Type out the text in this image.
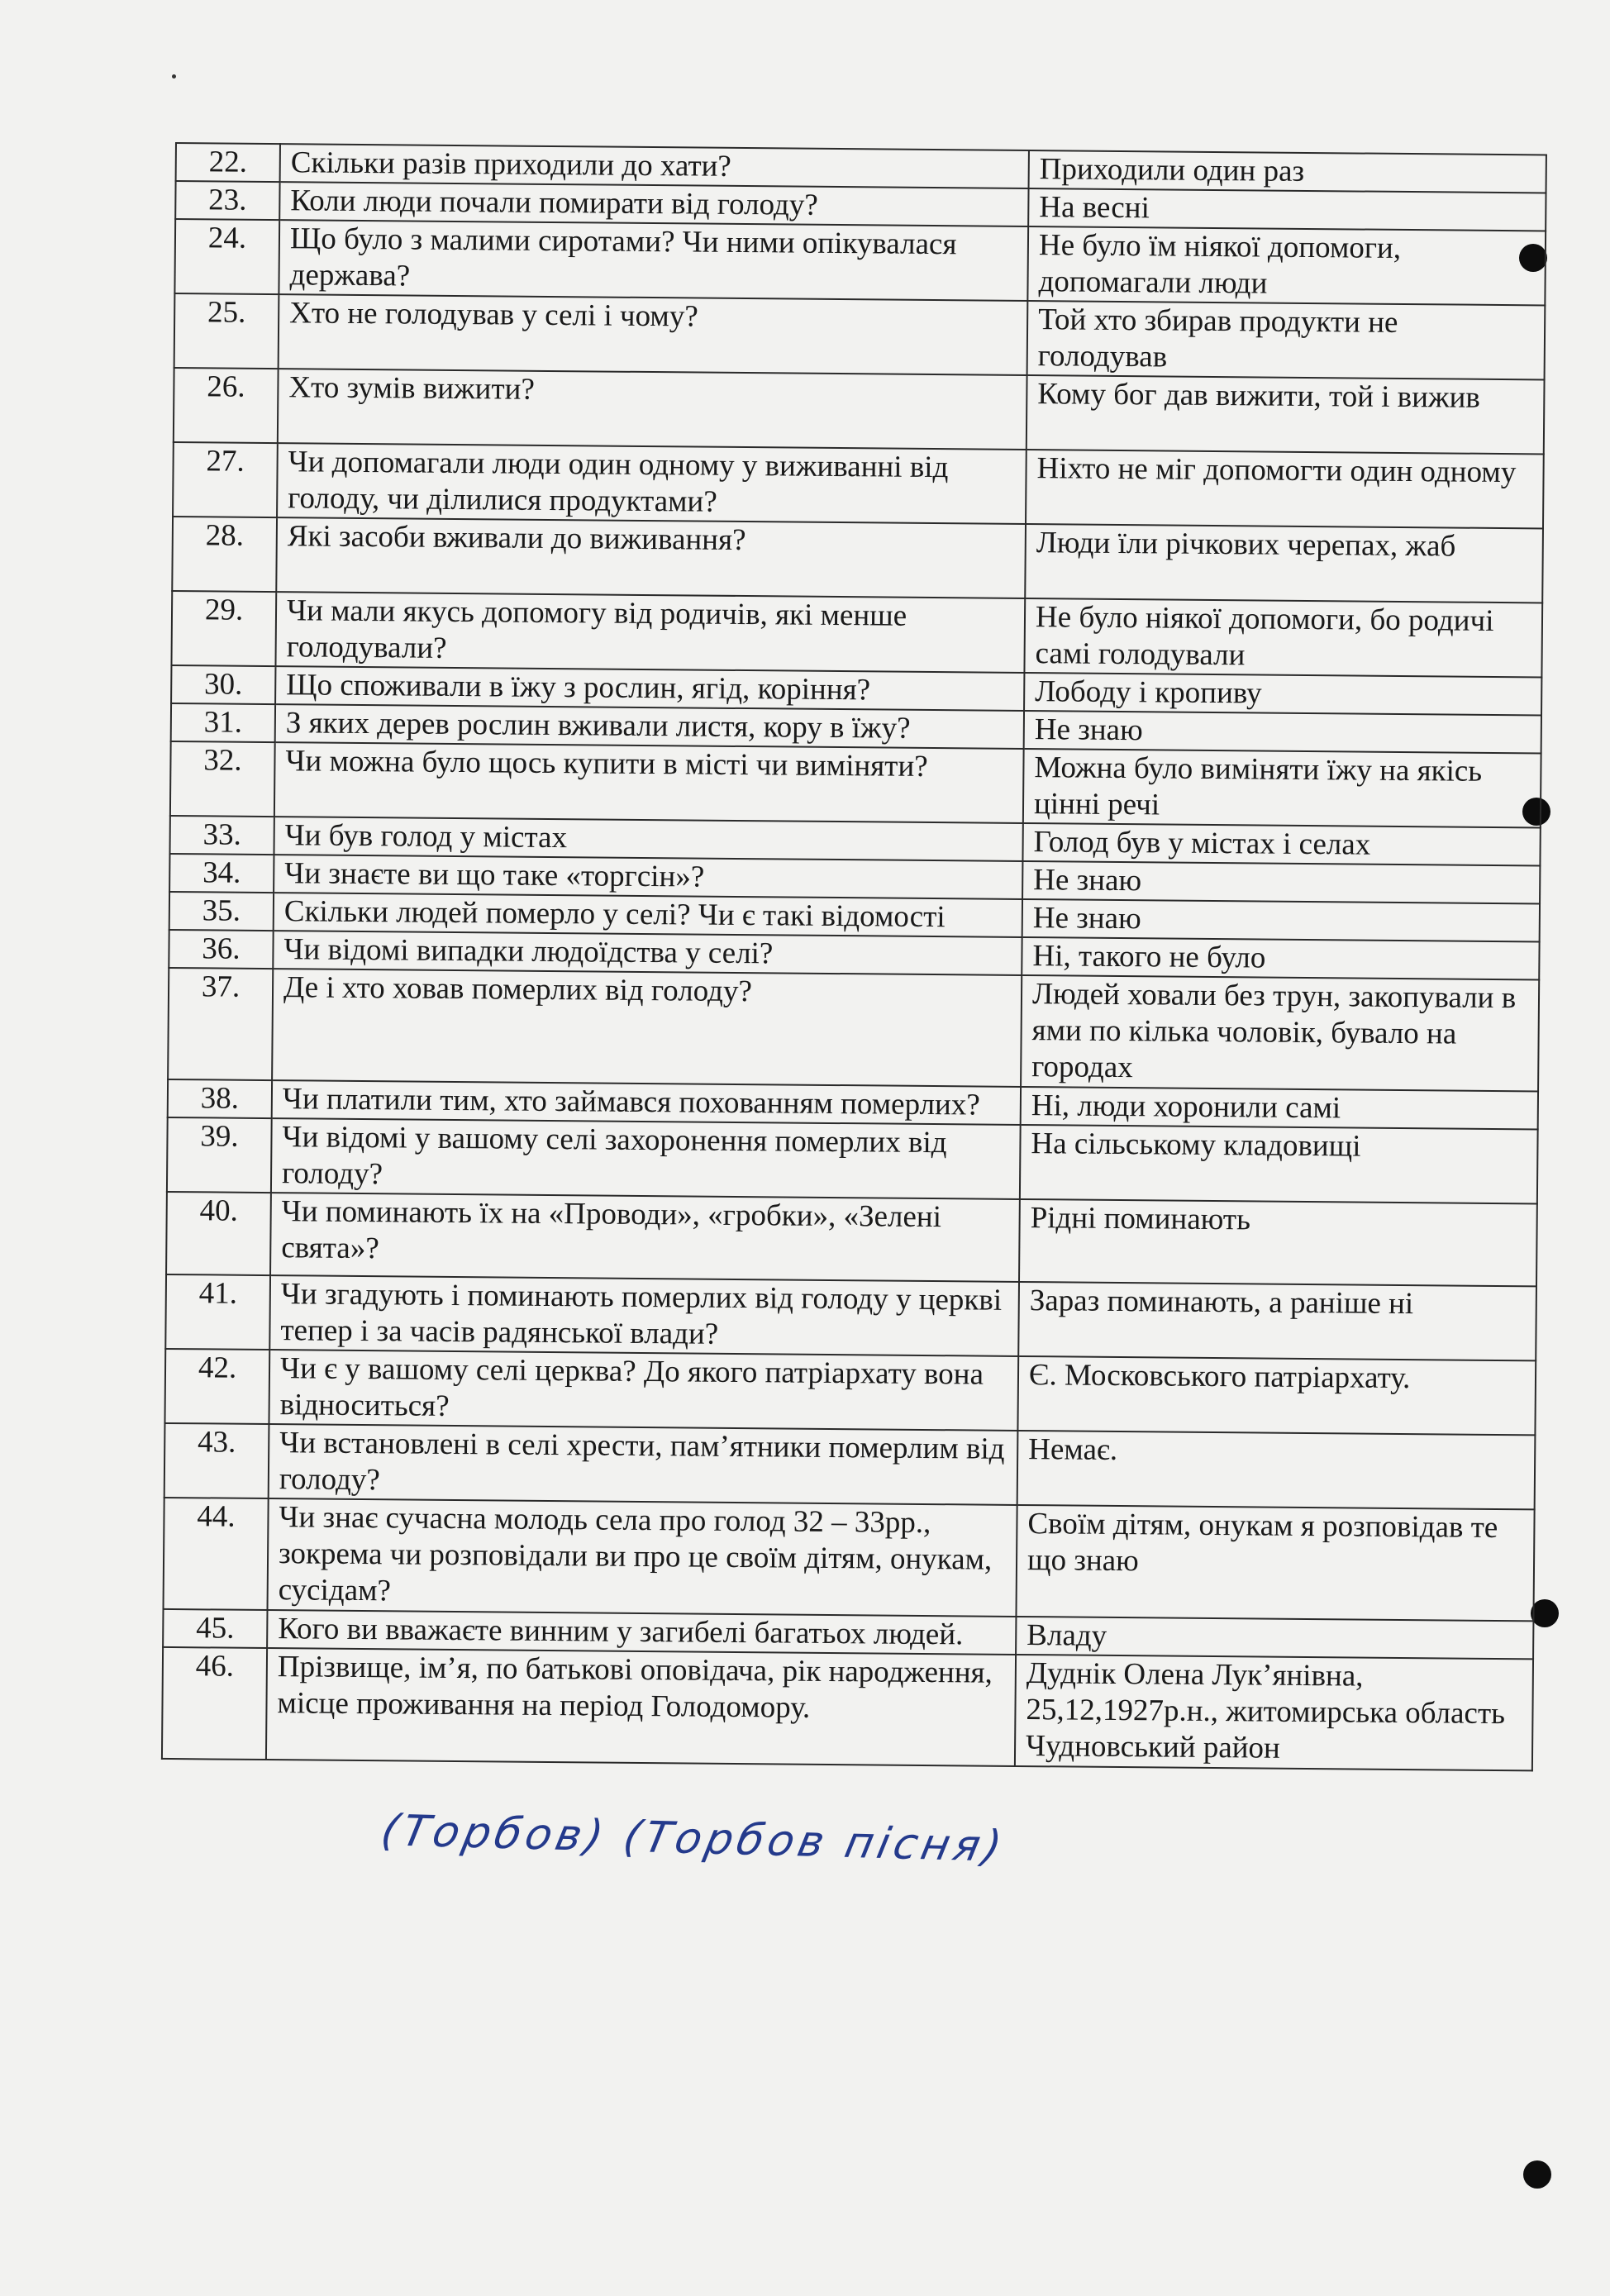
22.	Скільки разів приходили до хати?	Приходили один раз
23.	Коли люди почали помирати від голоду?	На весні
24.	Що було з малими сиротами? Чи ними опікувалася держава?	Не було їм ніякої допомоги, допомагали люди
25.	Хто не голодував у селі і чому?	Той хто збирав продукти не голодував
26.	Хто зумів вижити?	Кому бог дав вижити, той і вижив
27.	Чи допомагали люди один одному у виживанні від голоду, чи ділилися продуктами?	Ніхто не міг допомогти один одному
28.	Які засоби вживали до виживання?	Люди їли річкових черепах, жаб
29.	Чи мали якусь допомогу від родичів, які менше голодували?	Не було ніякої допомоги, бо родичі самі голодували
30.	Що споживали в їжу з рослин, ягід, коріння?	Лободу і кропиву
31.	З яких дерев рослин вживали листя, кору в їжу?	Не знаю
32.	Чи можна було щось купити в місті чи виміняти?	Можна було виміняти їжу на якісь цінні речі
33.	Чи був голод у містах	Голод був у містах і селах
34.	Чи знаєте ви що таке «торгсін»?	Не знаю
35.	Скільки людей померло у селі? Чи є такі відомості	Не знаю
36.	Чи відомі випадки людоїдства у селі?	Ні, такого не було
37.	Де і хто ховав померлих від голоду?	Людей ховали без трун, закопували в ями по кілька чоловік, бувало на городах
38.	Чи платили тим, хто займався похованням померлих?	Ні, люди хоронили самі
39.	Чи відомі у вашому селі захоронення померлих від голоду?	На сільському кладовищі
40.	Чи поминають їх на «Проводи», «гробки», «Зелені свята»?	Рідні поминають
41.	Чи згадують і поминають померлих від голоду у церкві тепер і за часів радянської влади?	Зараз поминають, а раніше ні
42.	Чи є у вашому селі церква? До якого патріархату вона відноситься?	Є. Московського патріархату.
43.	Чи встановлені в селі хрести, пам’ятники померлим від голоду?	Немає.
44.	Чи знає сучасна молодь села про голод 32 – 33рр., зокрема чи розповідали ви про це своїм дітям, онукам, сусідам?	Своїм дітям, онукам я розповідав те що знаю
45.	Кого ви вважаєте винним у загибелі багатьох людей.	Владу
46.	Прізвище, ім’я, по батькові оповідача, рік народження, місце проживання на період Голодомору.	Дуднік Олена Лук’янівна, 25,12,1927р.н., житомирська область Чудновський район
(Торбов) (Торбов пісня)
